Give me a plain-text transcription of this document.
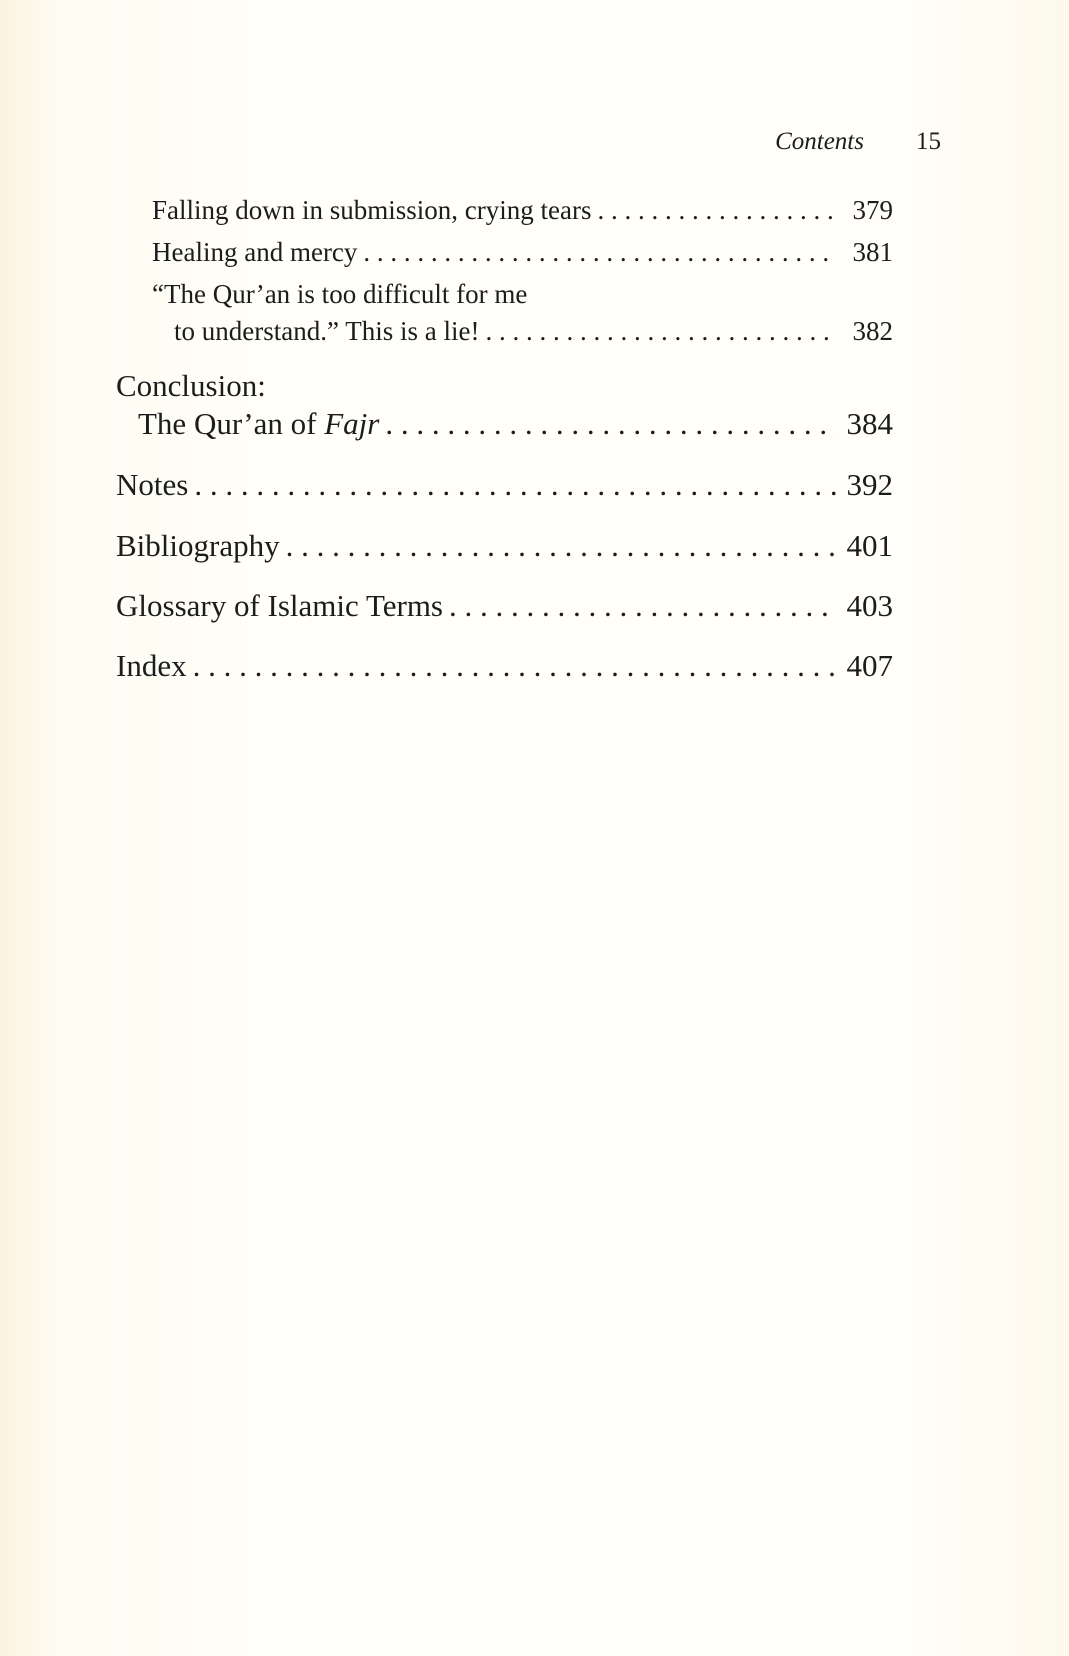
Contents 15
Falling down in submission, crying tears . . .	379
Healing and mercy . . .	381
“The Qur’an is too difficult for me
to understand.” This is a lie! . . .	382
Conclusion:
The Qur’an of Fajr . . .	384
Notes . . .	392
Bibliography . . .	401
Glossary of Islamic Terms . . .	403
Index . . .	407
